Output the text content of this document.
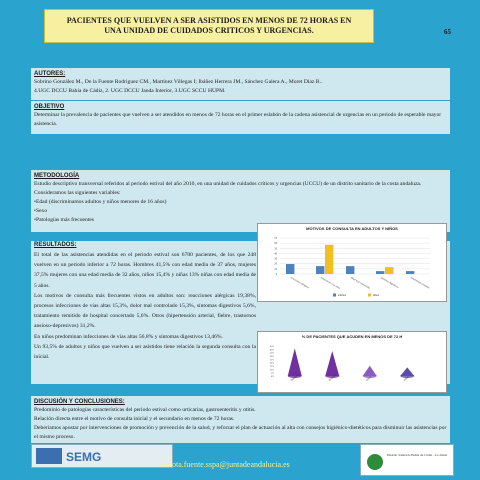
PACIENTES QUE VUELVEN A SER ASISTIDOS EN MENOS DE 72 HORAS EN
UNA UNIDAD DE CUIDADOS CRITICOS Y URGENCIAS.	65
AUTORES:

Sobrino González M., De la Fuente Rodriguez CM., Martínez Villegas I; Ibáñez Herrera JM., Sánchez Galera A., Moret Díaz B..

4.UGC DCCU Bahía de Cádiz, 2. UGC DCCU Janda Interior, 3.UGC SCCU HUPM.

OBJETIVO

Determinar la prevalencia de pacientes que vuelven a ser atendidos en menos de 72 horas en el primer eslabón de la cadena asistencial de urgencias en un periodo de esperable mayor asistencia.

METODOLOGÍA

Estudio descriptivo transversal referidos al periodo estival del año 2010, en una unidad de cuidados críticos y urgencias (UCCU) de un distrito sanitario de la costa andaluza.

Consideramos las siguientes variables:

•Edad (discriminamos adultos y niños menores de 16 años)

•Sexo

•Patologías más frecuentes

RESULTADOS:

El total de las asistencias atendidas en el periodo estival son 6700 pacientes, de los que 248 vuelven en un periodo inferior a 72 horas. Hombres 41,5% con edad media de 37 años, mujeres 37,5% mujeres con una edad media de 32 años, niños 15,4% y niñas 13% niñas con edad media de 5 años.

Los motivos de consulta más frecuentes vistos en adultos son: reacciones alérgicas 19,38%, procesos infecciones de vías altas 15,3%, dolor mal controlado 15,3%, síntomas digestivos 5,6%, tratamiento remitido de hospital concertado 5,6%. Otros (hipertensión arterial, fiebre, trastornos ansioso-depresivos) 31,2%.

En niños predominan infecciones de vías altas 56,8% y síntomas digestivos 13,46%.

Un 93,5% de adultos y niños que vuelven a ser asistidos tiene relación la segunda consulta con la inicial.

MOTIVOS DE CONSULTA EN ADULTOS Y NIÑOS
0
10
20
30
40
50
60
70
reacciones alérgicas	infecciones vías altas	dolor mal controlado	síntomas digestivos	tratamiento remitido
adultos	niños
% DE PACIENTES QUE ACUDEN EN MENOS DE 72 H
0%
5%
10%
15%
20%
25%
30%
35%
40%
45%
hombres	mujeres	niños	niñas
DISCUSIÓN Y CONCLUSIONES:

Predominio de patologías características del periodo estival como urticarias, gastroenteritis y otitis.

Relación directa entre el motivo de consulta inicial y el secundario en menos de 72 horas.

Deberíamos apostar por intervenciones de promoción y prevención de la salud, y reforzar el plan de actuación al alta con consejos higiénico-dietéticos para disminuir las asistencias por el mismo proceso.

SEMG
carlota.fuente.sspa@juntadeandalucia.es
Distrito Sanitario Bahía de Cádiz - La Janda
